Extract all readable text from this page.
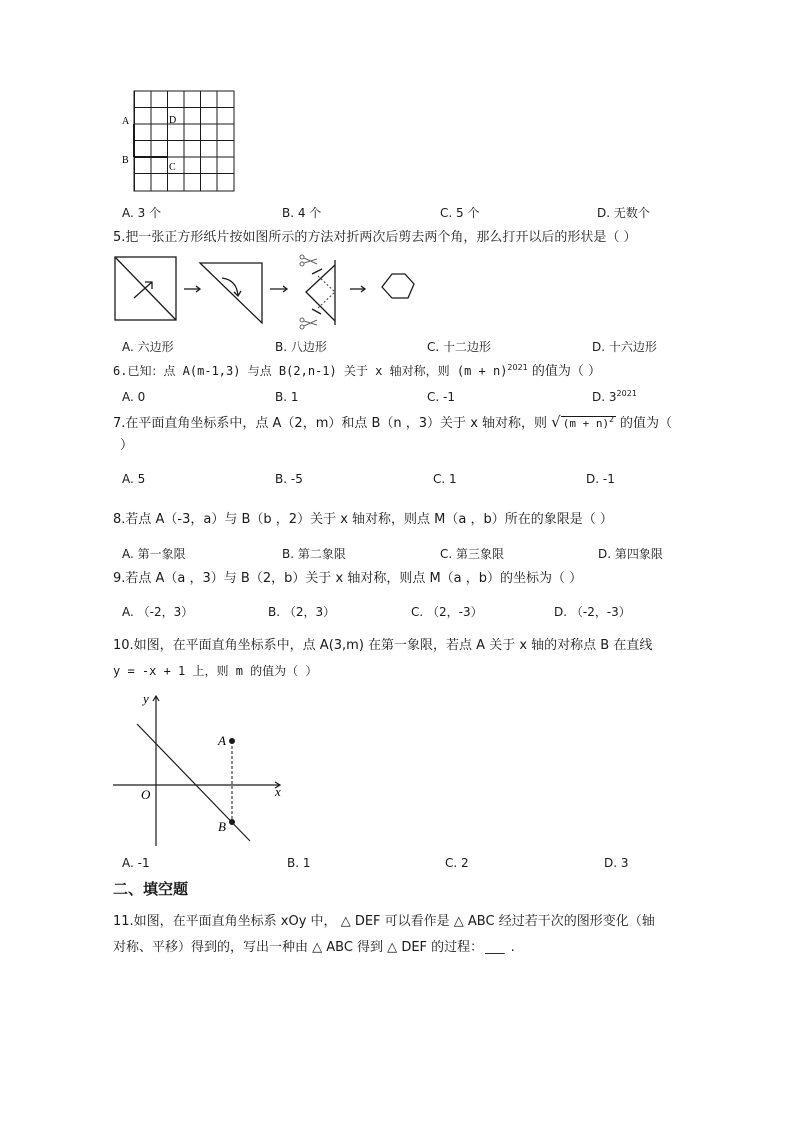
A	D
B
C
A. 3 个	B. 4 个	C. 5 个	D. 无数个
5.把一张正方形纸片按如图所示的方法对折两次后剪去两个角，那么打开以后的形状是（ ）
A. 六边形	B. 八边形	C. 十二边形	D. 十六边形
6.已知：点 A(m-1,3) 与点 B(2,n-1) 关于 x 轴对称，则 $(m + n)^{2021}$ 的值为（ ）
A. 0	B. 1	C. -1	D. $3^{2021}$
7.在平面直角坐标系中，点 A（2，m）和点 B（n ，3）关于 x 轴对称，则 √ $(m + n)^2$ 的值为（
）
A. 5	B. -5	C. 1	D. -1
8.若点 A（-3，a）与 B（b ，2）关于 x 轴对称，则点 M（a ，b）所在的象限是（ ）
A. 第一象限	B. 第二象限	C. 第三象限	D. 第四象限
9.若点 A（a ，3）与 B（2，b）关于 x 轴对称，则点 M（a ，b）的坐标为（ ）
A. （-2，3）	B. （2，3）	C. （2，-3）	D. （-2，-3）
10.如图，在平面直角坐标系中，点 A(3,m) 在第一象限，若点 A 关于 x 轴的对称点 B 在直线
y = -x + 1 上，则 m 的值为（ ）
y
x
O
A
B
A. -1	B. 1	C. 2	D. 3
二、填空题
11.如图，在平面直角坐标系 xOy 中， △ DEF 可以看作是 △ ABC 经过若干次的图形变化（轴
对称、平移）得到的，写出一种由 △ ABC 得到 △ DEF 的过程： ___ .
